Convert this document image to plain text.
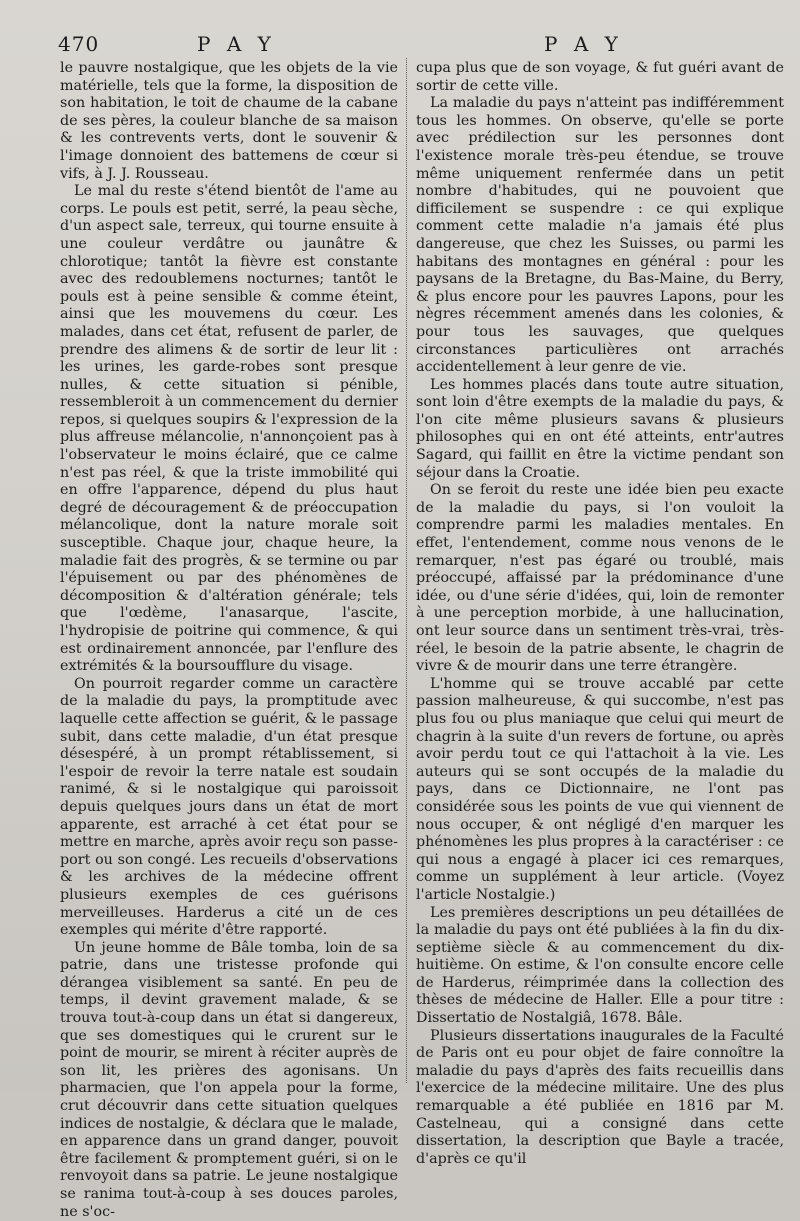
470	P A Y	P A Y

le pauvre nostalgique, que les objets de la vie matérielle, tels que la forme, la disposition de son habitation, le toit de chaume de la cabane de ses pères, la couleur blanche de sa maison & les contrevents verts, dont le souvenir & l'image donnoient des battemens de cœur si vifs, à J. J. Rousseau.

Le mal du reste s'étend bientôt de l'ame au corps. Le pouls est petit, serré, la peau sèche, d'un aspect sale, terreux, qui tourne ensuite à une couleur verdâtre ou jaunâtre & chlorotique; tantôt la fièvre est constante avec des redoublemens nocturnes; tantôt le pouls est à peine sensible & comme éteint, ainsi que les mouvemens du cœur. Les malades, dans cet état, refusent de parler, de prendre des alimens & de sortir de leur lit : les urines, les garde-robes sont presque nulles, & cette situation si pénible, ressembleroit à un commencement du dernier repos, si quelques soupirs & l'expression de la plus affreuse mélancolie, n'annonçoient pas à l'observateur le moins éclairé, que ce calme n'est pas réel, & que la triste immobilité qui en offre l'apparence, dépend du plus haut degré de découragement & de préoccupation mélancolique, dont la nature morale soit susceptible. Chaque jour, chaque heure, la maladie fait des progrès, & se termine ou par l'épuisement ou par des phénomènes de décomposition & d'altération générale; tels que l'œdème, l'anasarque, l'ascite, l'hydropisie de poitrine qui commence, & qui est ordinairement annoncée, par l'enflure des extrémités & la boursoufflure du visage.

On pourroit regarder comme un caractère de la maladie du pays, la promptitude avec laquelle cette affection se guérit, & le passage subit, dans cette maladie, d'un état presque désespéré, à un prompt rétablissement, si l'espoir de revoir la terre natale est soudain ranimé, & si le nostalgique qui paroissoit depuis quelques jours dans un état de mort apparente, est arraché à cet état pour se mettre en marche, après avoir reçu son passe-port ou son congé. Les recueils d'observations & les archives de la médecine offrent plusieurs exemples de ces guérisons merveilleuses. Harderus a cité un de ces exemples qui mérite d'être rapporté.

Un jeune homme de Bâle tomba, loin de sa patrie, dans une tristesse profonde qui dérangea visiblement sa santé. En peu de temps, il devint gravement malade, & se trouva tout-à-coup dans un état si dangereux, que ses domestiques qui le crurent sur le point de mourir, se mirent à réciter auprès de son lit, les prières des agonisans. Un pharmacien, que l'on appela pour la forme, crut découvrir dans cette situation quelques indices de nostalgie, & déclara que le malade, en apparence dans un grand danger, pouvoit être facilement & promptement guéri, si on le renvoyoit dans sa patrie. Le jeune nostalgique se ranima tout-à-coup à ses douces paroles, ne s'oc-

cupa plus que de son voyage, & fut guéri avant de sortir de cette ville.

La maladie du pays n'atteint pas indifféremment tous les hommes. On observe, qu'elle se porte avec prédilection sur les personnes dont l'existence morale très-peu étendue, se trouve même uniquement renfermée dans un petit nombre d'habitudes, qui ne pouvoient que difficilement se suspendre : ce qui explique comment cette maladie n'a jamais été plus dangereuse, que chez les Suisses, ou parmi les habitans des montagnes en général : pour les paysans de la Bretagne, du Bas-Maine, du Berry, & plus encore pour les pauvres Lapons, pour les nègres récemment amenés dans les colonies, & pour tous les sauvages, que quelques circonstances particulières ont arrachés accidentellement à leur genre de vie.

Les hommes placés dans toute autre situation, sont loin d'être exempts de la maladie du pays, & l'on cite même plusieurs savans & plusieurs philosophes qui en ont été atteints, entr'autres Sagard, qui faillit en être la victime pendant son séjour dans la Croatie.

On se feroit du reste une idée bien peu exacte de la maladie du pays, si l'on vouloit la comprendre parmi les maladies mentales. En effet, l'entendement, comme nous venons de le remarquer, n'est pas égaré ou troublé, mais préoccupé, affaissé par la prédominance d'une idée, ou d'une série d'idées, qui, loin de remonter à une perception morbide, à une hallucination, ont leur source dans un sentiment très-vrai, très-réel, le besoin de la patrie absente, le chagrin de vivre & de mourir dans une terre étrangère.

L'homme qui se trouve accablé par cette passion malheureuse, & qui succombe, n'est pas plus fou ou plus maniaque que celui qui meurt de chagrin à la suite d'un revers de fortune, ou après avoir perdu tout ce qui l'attachoit à la vie. Les auteurs qui se sont occupés de la maladie du pays, dans ce Dictionnaire, ne l'ont pas considérée sous les points de vue qui viennent de nous occuper, & ont négligé d'en marquer les phénomènes les plus propres à la caractériser : ce qui nous a engagé à placer ici ces remarques, comme un supplément à leur article. (Voyez l'article Nostalgie.)

Les premières descriptions un peu détaillées de la maladie du pays ont été publiées à la fin du dix-septième siècle & au commencement du dix-huitième. On estime, & l'on consulte encore celle de Harderus, réimprimée dans la collection des thèses de médecine de Haller. Elle a pour titre : Dissertatio de Nostalgiâ, 1678. Bâle.

Plusieurs dissertations inaugurales de la Faculté de Paris ont eu pour objet de faire connoître la maladie du pays d'après des faits recueillis dans l'exercice de la médecine militaire. Une des plus remarquable a été publiée en 1816 par M. Castelneau, qui a consigné dans cette dissertation, la description que Bayle a tracée, d'après ce qu'il
